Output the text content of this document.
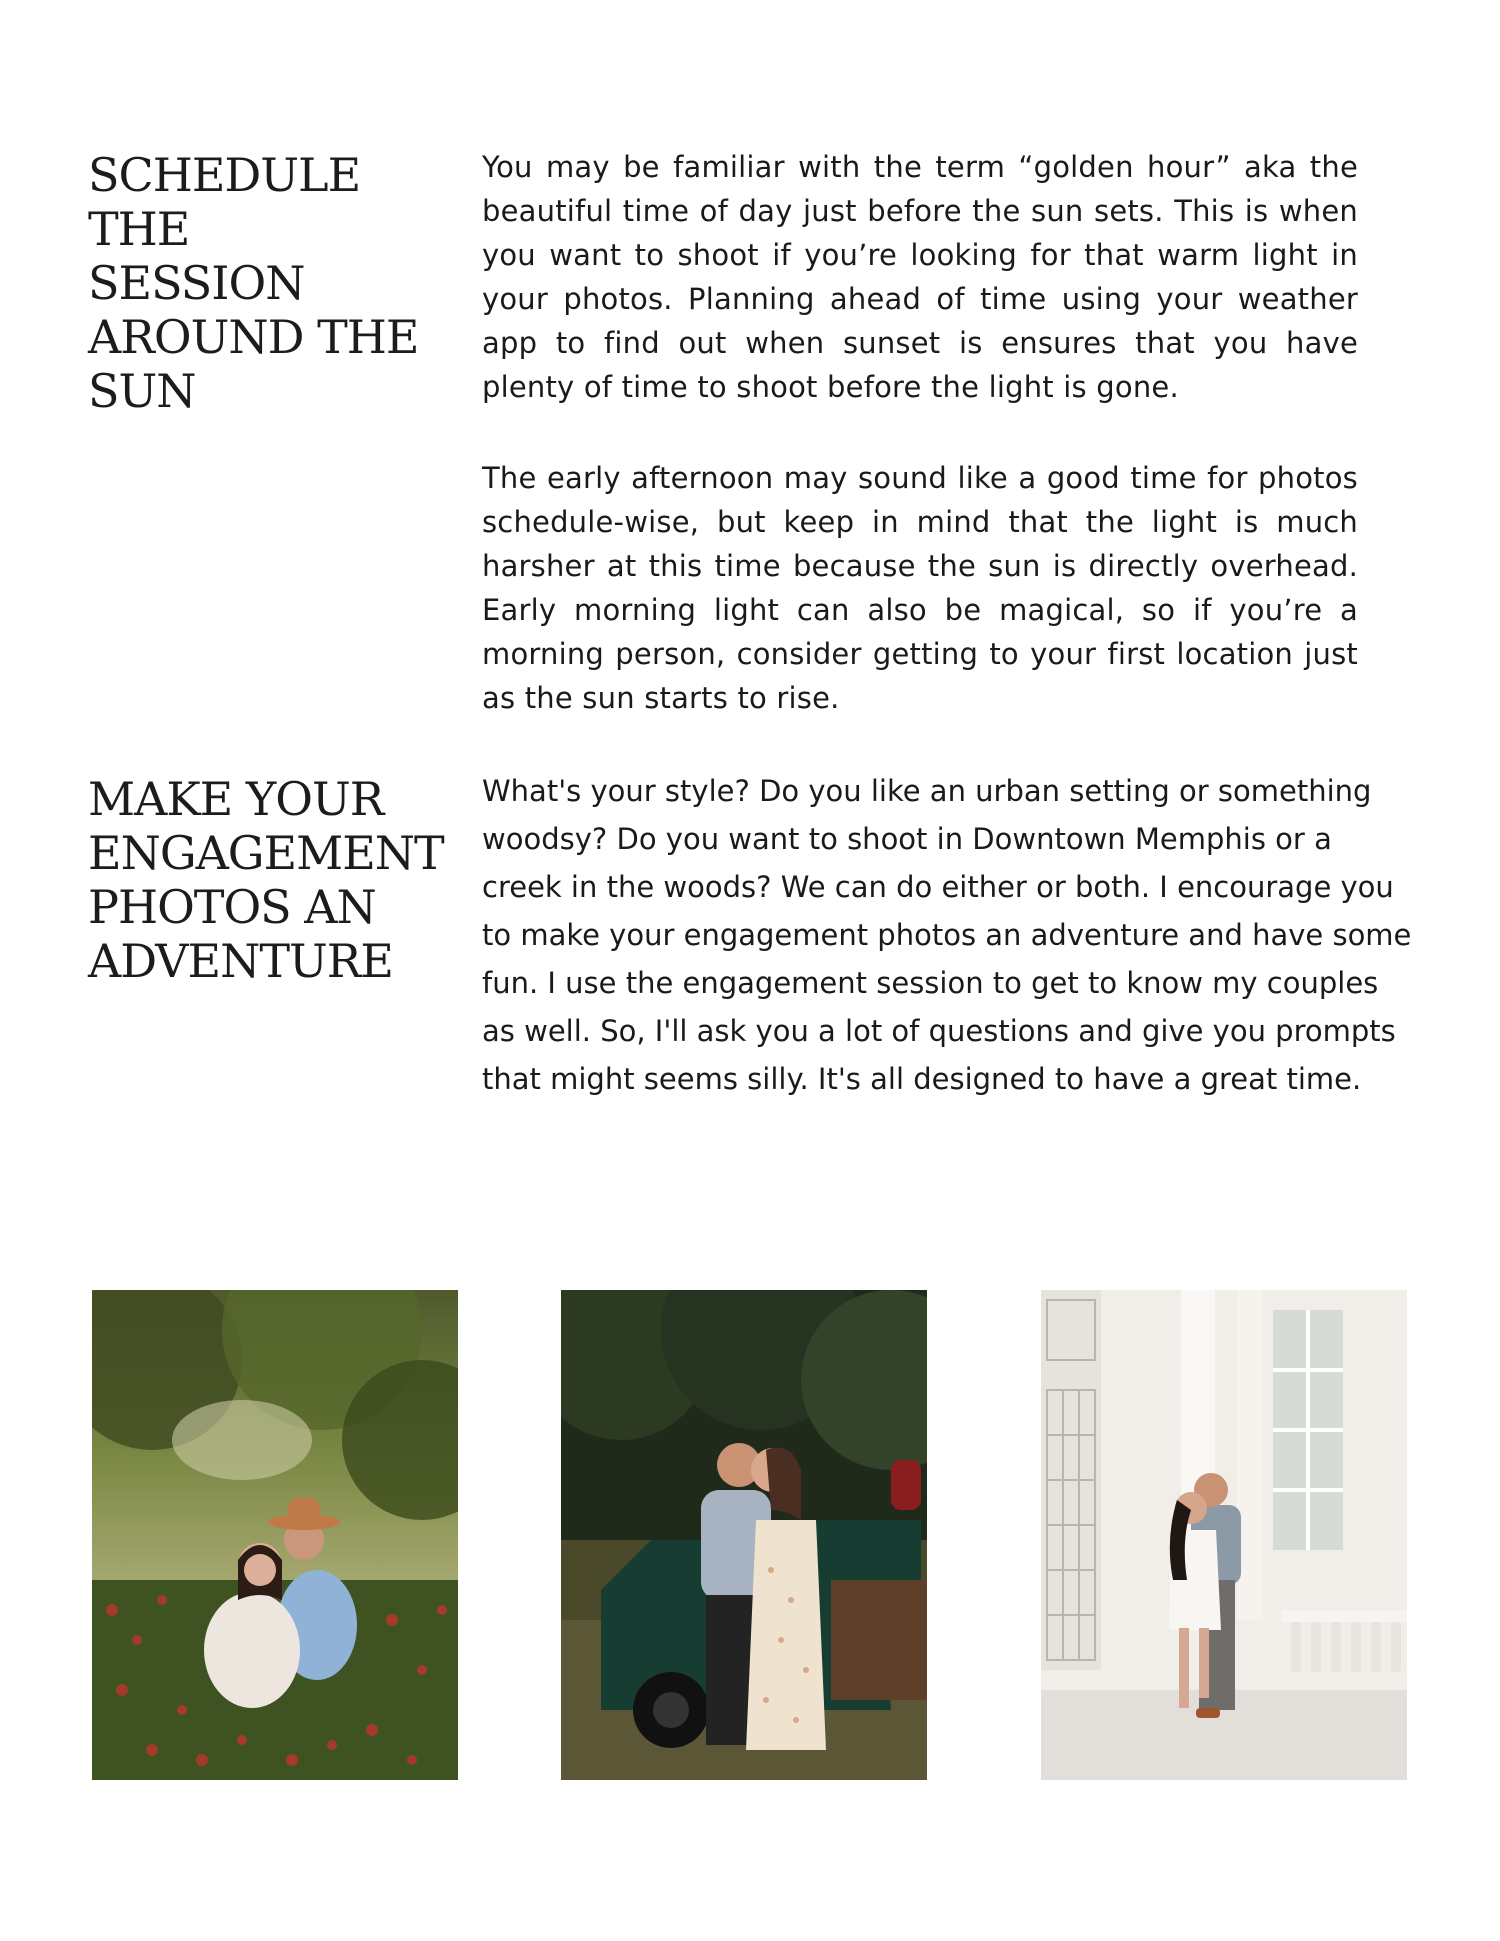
SCHEDULE THE
SESSION
AROUND THE
SUN

You may be familiar with the term “golden hour” aka the beautiful time of day just before the sun sets. This is when you want to shoot if you’re looking for that warm light in your photos. Planning ahead of time using your weather app to find out when sunset is ensures that you have plenty of time to shoot before the light is gone.

The early afternoon may sound like a good time for photos schedule-wise, but keep in mind that the light is much harsher at this time because the sun is directly overhead. Early morning light can also be magical, so if you’re a morning person, consider getting to your first location just as the sun starts to rise.

MAKE YOUR
ENGAGEMENT
PHOTOS AN
ADVENTURE

What's your style? Do you like an urban setting or something woodsy? Do you want to shoot in Downtown Memphis or a creek in the woods? We can do either or both. I encourage you to make your engagement photos an adventure and have some fun. I use the engagement session to get to know my couples as well. So, I'll ask you a lot of questions and give you prompts that might seems silly. It's all designed to have a great time.
